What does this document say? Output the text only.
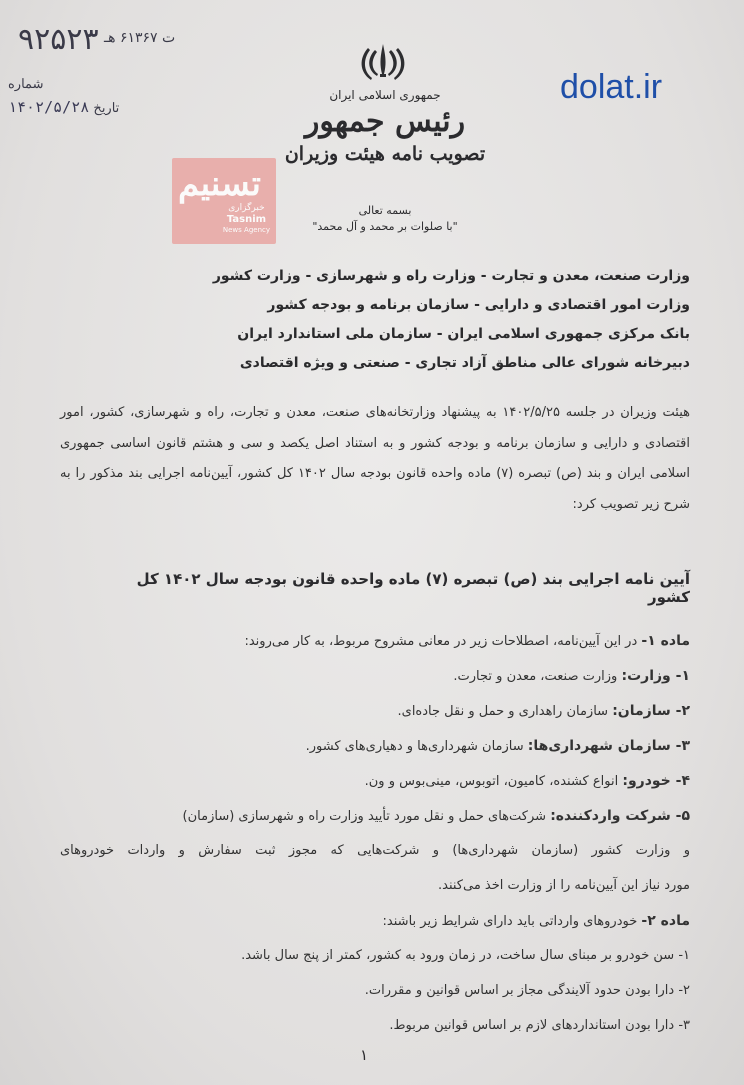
۹۲۵۲۳ ت ۶۱۳۶۷ هـ
شماره
تاریخ ۱۴۰۲/۵/۲۸
جمهوری اسلامی ایران
رئیس جمهور
تصویب نامه هیئت وزیران
بسمه تعالی
"با صلوات بر محمد و آل محمد"
تسنیم
خبرگزاری
Tasnim
News Agency
dolat.ir
وزارت صنعت، معدن و تجارت - وزارت راه و شهرسازی - وزارت کشور
وزارت امور اقتصادی و دارایی - سازمان برنامه و بودجه کشور
بانک مرکزی جمهوری اسلامی ایران - سازمان ملی استاندارد ایران
دبیرخانه شورای عالی مناطق آزاد تجاری - صنعتی و ویژه اقتصادی
هیئت وزیران در جلسه ۱۴۰۲/۵/۲۵ به پیشنهاد وزارتخانه‌های صنعت، معدن و تجارت، راه و شهرسازی، کشور، امور اقتصادی و دارایی و سازمان برنامه و بودجه کشور و به استناد اصل یکصد و سی و هشتم قانون اساسی جمهوری اسلامی ایران و بند (ص) تبصره (۷) ماده واحده قانون بودجه سال ۱۴۰۲ کل کشور، آیین‌نامه اجرایی بند مذکور را به شرح زیر تصویب کرد:
آیین نامه اجرایی بند (ص) تبصره (۷) ماده واحده قانون بودجه سال ۱۴۰۲ کل کشور
ماده ۱- در این آیین‌نامه، اصطلاحات زیر در معانی مشروح مربوط، به کار می‌روند:
۱- وزارت: وزارت صنعت، معدن و تجارت.
۲- سازمان: سازمان راهداری و حمل و نقل جاده‌ای.
۳- سازمان شهرداری‌ها: سازمان شهرداری‌ها و دهیاری‌های کشور.
۴- خودرو: انواع کشنده، کامیون، اتوبوس، مینی‌بوس و ون.
۵- شرکت واردکننده: شرکت‌های حمل و نقل مورد تأیید وزارت راه و شهرسازی (سازمان)
و وزارت کشور (سازمان شهرداری‌ها) و شرکت‌هایی که مجوز ثبت سفارش و واردات خودروهای
مورد نیاز این آیین‌نامه را از وزارت اخذ می‌کنند.
ماده ۲- خودروهای وارداتی باید دارای شرایط زیر باشند:
۱- سن خودرو بر مبنای سال ساخت، در زمان ورود به کشور، کمتر از پنج سال باشد.
۲- دارا بودن حدود آلایندگی مجاز بر اساس قوانین و مقررات.
۳- دارا بودن استانداردهای لازم بر اساس قوانین مربوط.
۱
